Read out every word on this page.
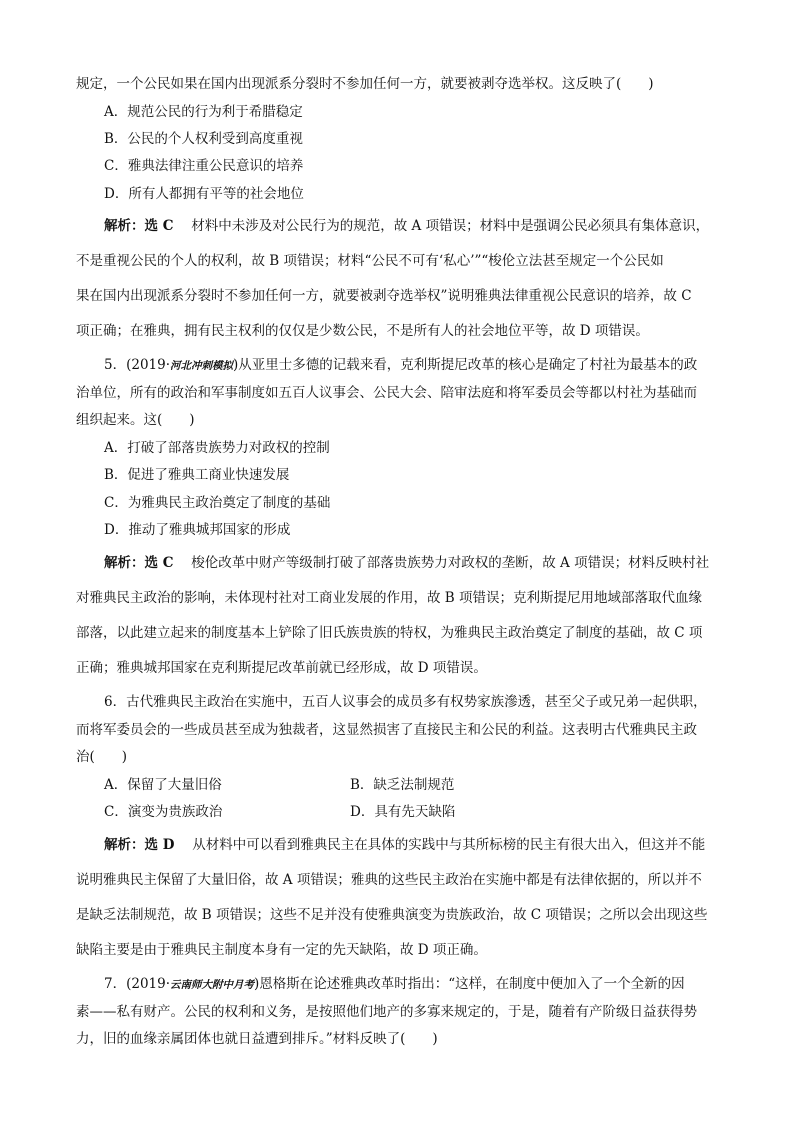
规定，一个公民如果在国内出现派系分裂时不参加任何一方，就要被剥夺选举权。这反映了(　　)
A．规范公民的行为利于希腊稳定
B．公民的个人权利受到高度重视
C．雅典法律注重公民意识的培养
D．所有人都拥有平等的社会地位
解析：选 C　 材料中未涉及对公民行为的规范，故 A 项错误；材料中是强调公民必须具有集体意识，
不是重视公民的个人的权利，故 B 项错误；材料“公民不可有‘私心’”“梭伦立法甚至规定一个公民如
果在国内出现派系分裂时不参加任何一方，就要被剥夺选举权”说明雅典法律重视公民意识的培养，故 C
项正确；在雅典，拥有民主权利的仅仅是少数公民，不是所有人的社会地位平等，故 D 项错误。
5．(2019·河北冲刺模拟)从亚里士多德的记载来看，克利斯提尼改革的核心是确定了村社为最基本的政
治单位，所有的政治和军事制度如五百人议事会、公民大会、陪审法庭和将军委员会等都以村社为基础而
组织起来。这(　　)
A．打破了部落贵族势力对政权的控制
B．促进了雅典工商业快速发展
C．为雅典民主政治奠定了制度的基础
D．推动了雅典城邦国家的形成
解析：选 C　 梭伦改革中财产等级制打破了部落贵族势力对政权的垄断，故 A 项错误；材料反映村社
对雅典民主政治的影响，未体现村社对工商业发展的作用，故 B 项错误；克利斯提尼用地域部落取代血缘
部落，以此建立起来的制度基本上铲除了旧氏族贵族的特权，为雅典民主政治奠定了制度的基础，故 C 项
正确；雅典城邦国家在克利斯提尼改革前就已经形成，故 D 项错误。
6．古代雅典民主政治在实施中，五百人议事会的成员多有权势家族滲透，甚至父子或兄弟一起供职，
而将军委员会的一些成员甚至成为独裁者，这显然损害了直接民主和公民的利益。这表明古代雅典民主政
治(　　)
A．保留了大量旧俗	B．缺乏法制规范
C．演变为贵族政治	D．具有先天缺陷
解析：选 D　 从材料中可以看到雅典民主在具体的实践中与其所标榜的民主有很大出入，但这并不能
说明雅典民主保留了大量旧俗，故 A 项错误；雅典的这些民主政治在实施中都是有法律依据的，所以并不
是缺乏法制规范，故 B 项错误；这些不足并没有使雅典演变为贵族政治，故 C 项错误；之所以会出现这些
缺陷主要是由于雅典民主制度本身有一定的先天缺陷，故 D 项正确。
7．(2019·云南师大附中月考)恩格斯在论述雅典改革时指出：“这样，在制度中便加入了一个全新的因
素——私有财产。公民的权利和义务，是按照他们地产的多寡来规定的，于是，随着有产阶级日益获得势
力，旧的血缘亲属团体也就日益遭到排斥。”材料反映了(　　)
